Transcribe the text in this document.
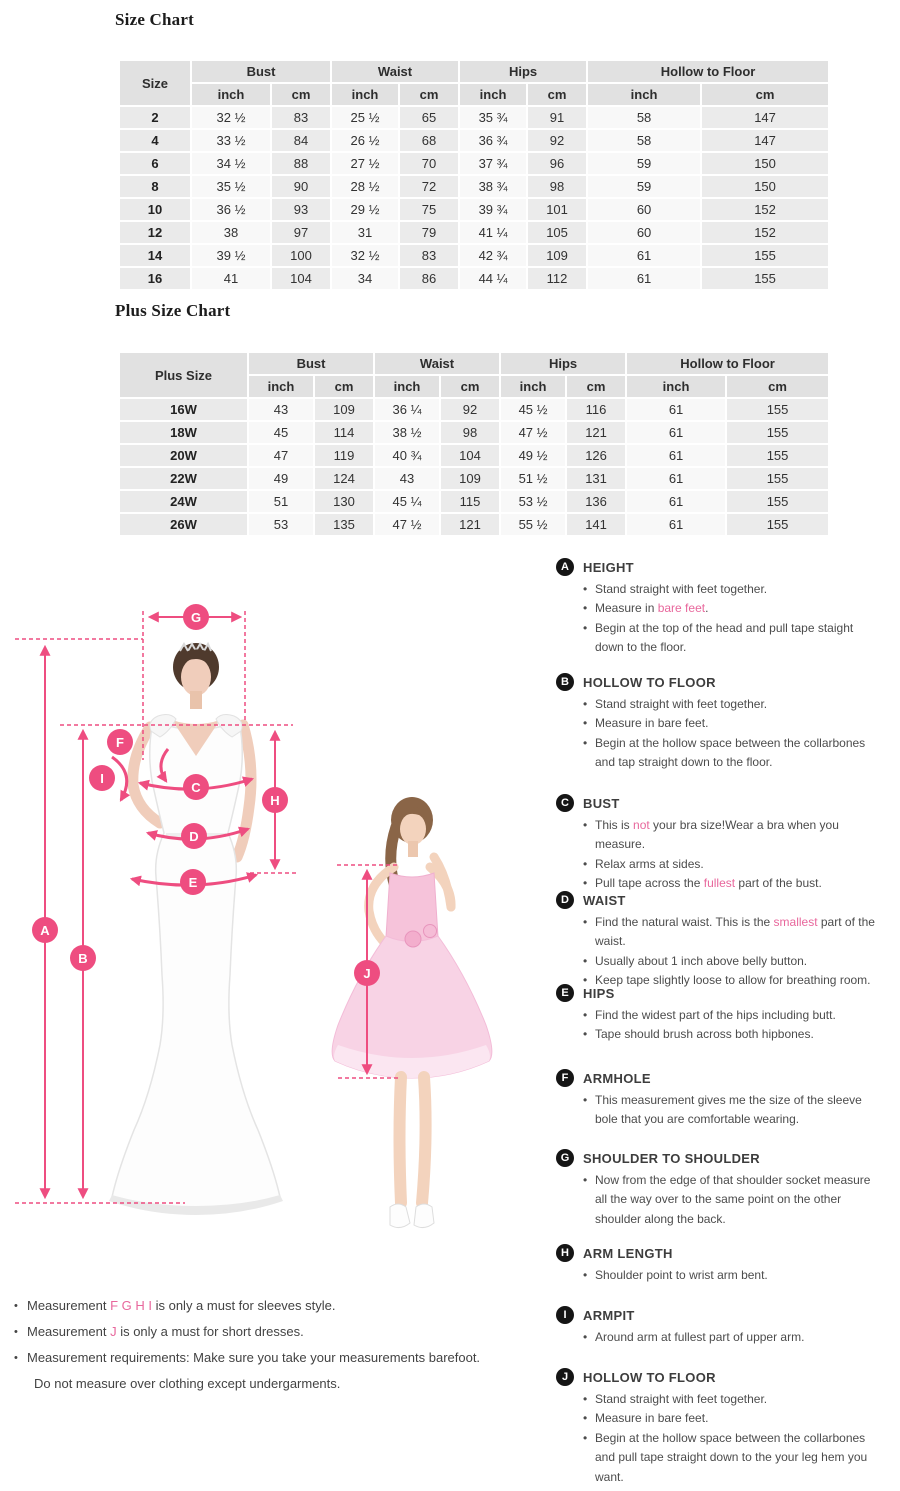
Size Chart
Plus Size Chart
Size	Bust		Waist		Hips		Hollow to Floor	
	inch	cm	inch	cm	inch	cm	inch	cm
2	32 ½	83	25 ½	65	35 ¾	91	58	147
4	33 ½	84	26 ½	68	36 ¾	92	58	147
6	34 ½	88	27 ½	70	37 ¾	96	59	150
8	35 ½	90	28 ½	72	38 ¾	98	59	150
10	36 ½	93	29 ½	75	39 ¾	101	60	152
12	38	97	31	79	41 ¼	105	60	152
14	39 ½	100	32 ½	83	42 ¾	109	61	155
16	41	104	34	86	44 ¼	112	61	155
Plus Size	Bust		Waist		Hips		Hollow to Floor	
	inch	cm	inch	cm	inch	cm	inch	cm
16W	43	109	36 ¼	92	45 ½	116	61	155
18W	45	114	38 ½	98	47 ½	121	61	155
20W	47	119	40 ¾	104	49 ½	126	61	155
22W	49	124	43	109	51 ½	131	61	155
24W	51	130	45 ¼	115	53 ½	136	61	155
26W	53	135	47 ½	121	55 ½	141	61	155
A
B
C
D
E
F
G
H
I
J
A	HEIGHT
• Stand straight with feet together.
• Measure in bare feet.
• Begin at the top of the head and pull tape staight down to the floor.
B	HOLLOW TO FLOOR
• Stand straight with feet together.
• Measure in bare feet.
• Begin at the hollow space between the collarbones and tap straight down to the floor.
C	BUST
• This is not your bra size!Wear a bra when you measure.
• Relax arms at sides.
• Pull tape across the fullest part of the bust.
D	WAIST
• Find the natural waist. This is the smallest part of the waist.
• Usually about 1 inch above belly button.
• Keep tape slightly loose to allow for breathing room.
E	HIPS
• Find the widest part of the hips including butt.
• Tape should brush across both hipbones.
F	ARMHOLE
• This measurement gives me the size of the sleeve bole that you are comfortable wearing.
G	SHOULDER TO SHOULDER
• Now from the edge of that shoulder socket measure all the way over to the same point on the other shoulder along the back.
H	ARM LENGTH
• Shoulder point to wrist arm bent.
I	ARMPIT
• Around arm at fullest part of upper arm.
J	HOLLOW TO FLOOR
• Stand straight with feet together.
• Measure in bare feet.
• Begin at the hollow space between the collarbones and pull tape straight down to the your leg hem you want.
• Measurement F G H I is only a must for sleeves style.
• Measurement J is only a must for short dresses.
• Measurement requirements: Make sure you take your measurements barefoot.
Do not measure over clothing except undergarments.
